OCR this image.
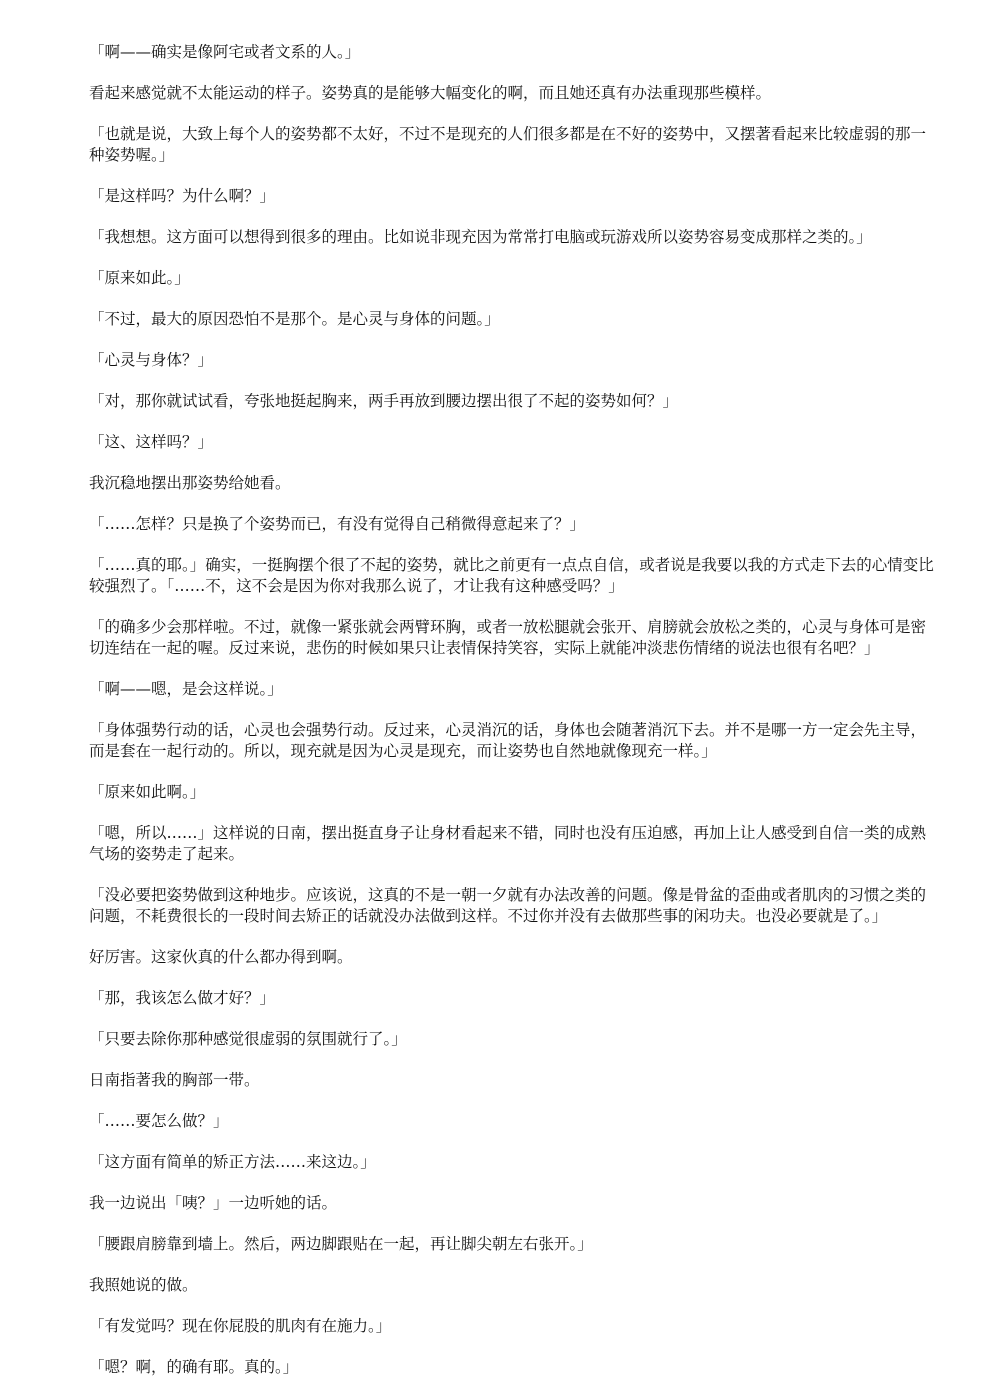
「啊——确实是像阿宅或者文系的人。」

看起来感觉就不太能运动的样子。姿势真的是能够大幅变化的啊，而且她还真有办法重现那些模样。

「也就是说，大致上每个人的姿势都不太好，不过不是现充的人们很多都是在不好的姿势中，又摆著看起来比较虚弱的那一种姿势喔。」

「是这样吗？为什么啊？」

「我想想。这方面可以想得到很多的理由。比如说非现充因为常常打电脑或玩游戏所以姿势容易变成那样之类的。」

「原来如此。」

「不过，最大的原因恐怕不是那个。是心灵与身体的问题。」

「心灵与身体？」

「对，那你就试试看，夸张地挺起胸来，两手再放到腰边摆出很了不起的姿势如何？」

「这、这样吗？」

我沉稳地摆出那姿势给她看。

「……怎样？只是换了个姿势而已，有没有觉得自己稍微得意起来了？」

「……真的耶。」确实，一挺胸摆个很了不起的姿势，就比之前更有一点点自信，或者说是我要以我的方式走下去的心情变比较强烈了。「……不，这不会是因为你对我那么说了，才让我有这种感受吗？」

「的确多少会那样啦。不过，就像一紧张就会两臂环胸，或者一放松腿就会张开、肩膀就会放松之类的，心灵与身体可是密切连结在一起的喔。反过来说，悲伤的时候如果只让表情保持笑容，实际上就能冲淡悲伤情绪的说法也很有名吧？」

「啊——嗯，是会这样说。」

「身体强势行动的话，心灵也会强势行动。反过来，心灵消沉的话，身体也会随著消沉下去。并不是哪一方一定会先主导，而是套在一起行动的。所以，现充就是因为心灵是现充，而让姿势也自然地就像现充一样。」

「原来如此啊。」

「嗯，所以……」这样说的日南，摆出挺直身子让身材看起来不错，同时也没有压迫感，再加上让人感受到自信一类的成熟气场的姿势走了起来。

「没必要把姿势做到这种地步。应该说，这真的不是一朝一夕就有办法改善的问题。像是骨盆的歪曲或者肌肉的习惯之类的问题，不耗费很长的一段时间去矫正的话就没办法做到这样。不过你并没有去做那些事的闲功夫。也没必要就是了。」

好厉害。这家伙真的什么都办得到啊。

「那，我该怎么做才好？」

「只要去除你那种感觉很虚弱的氛围就行了。」

日南指著我的胸部一带。

「……要怎么做？」

「这方面有简单的矫正方法……来这边。」

我一边说出「咦？」一边听她的话。

「腰跟肩膀靠到墙上。然后，两边脚跟贴在一起，再让脚尖朝左右张开。」

我照她说的做。

「有发觉吗？现在你屁股的肌肉有在施力。」

「嗯？啊，的确有耶。真的。」
